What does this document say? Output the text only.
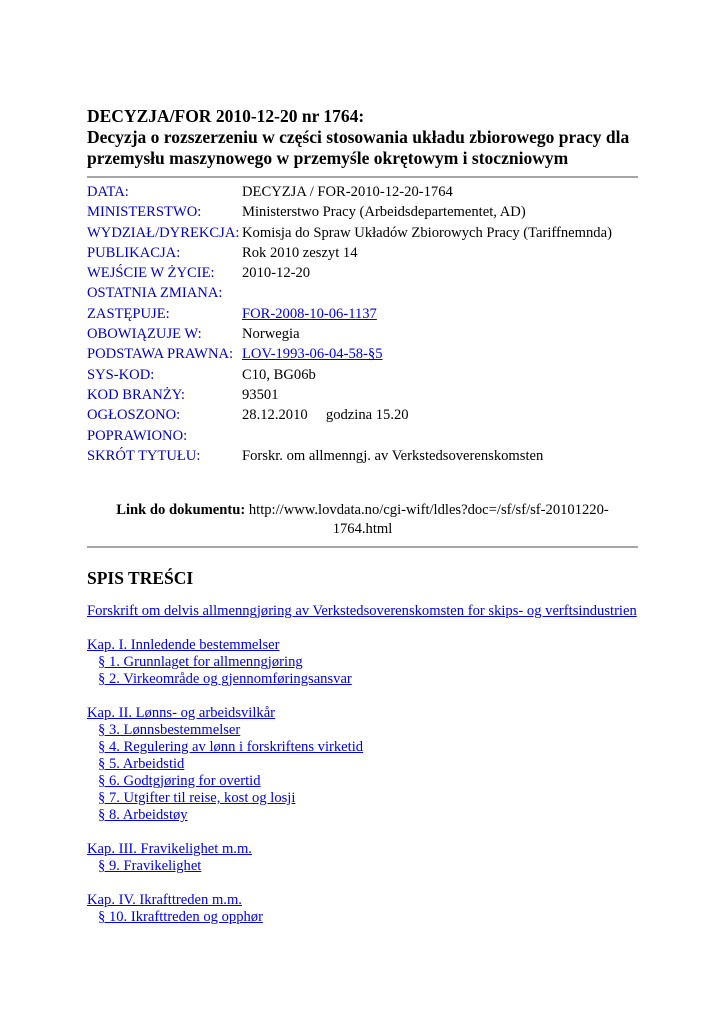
DECYZJA/FOR 2010-12-20 nr 1764:
Decyzja o rozszerzeniu w części stosowania układu zbiorowego pracy dla
przemysłu maszynowego w przemyśle okrętowym i stoczniowym
DATA:	DECYZJA / FOR-2010-12-20-1764
MINISTERSTWO:	Ministerstwo Pracy (Arbeidsdepartementet, AD)
WYDZIAŁ/DYREKCJA: Komisja do Spraw Układów Zbiorowych Pracy (Tariffnemnda)
PUBLIKACJA:	Rok 2010 zeszyt 14
WEJŚCIE W ŻYCIE:	2010-12-20
OSTATNIA ZMIANA:
ZASTĘPUJE:	FOR-2008-10-06-1137
OBOWIĄZUJE W:	Norwegia
PODSTAWA PRAWNA: LOV-1993-06-04-58-§5
SYS-KOD:	C10, BG06b
KOD BRANŻY:	93501
OGŁOSZONO:	28.12.2010     godzina 15.20
POPRAWIONO:
SKRÓT TYTUŁU:	Forskr. om allmenngj. av Verkstedsoverenskomsten
Link do dokumentu: http://www.lovdata.no/cgi-wift/ldles?doc=/sf/sf/sf-20101220-
1764.html
SPIS TREŚCI
Forskrift om delvis allmenngjøring av Verkstedsoverenskomsten for skips- og verftsindustrien
Kap. I. Innledende bestemmelser
§ 1. Grunnlaget for allmenngjøring
§ 2. Virkeområde og gjennomføringsansvar
Kap. II. Lønns- og arbeidsvilkår
§ 3. Lønnsbestemmelser
§ 4. Regulering av lønn i forskriftens virketid
§ 5. Arbeidstid
§ 6. Godtgjøring for overtid
§ 7. Utgifter til reise, kost og losji
§ 8. Arbeidstøy
Kap. III. Fravikelighet m.m.
§ 9. Fravikelighet
Kap. IV. Ikrafttreden m.m.
§ 10. Ikrafttreden og opphør
